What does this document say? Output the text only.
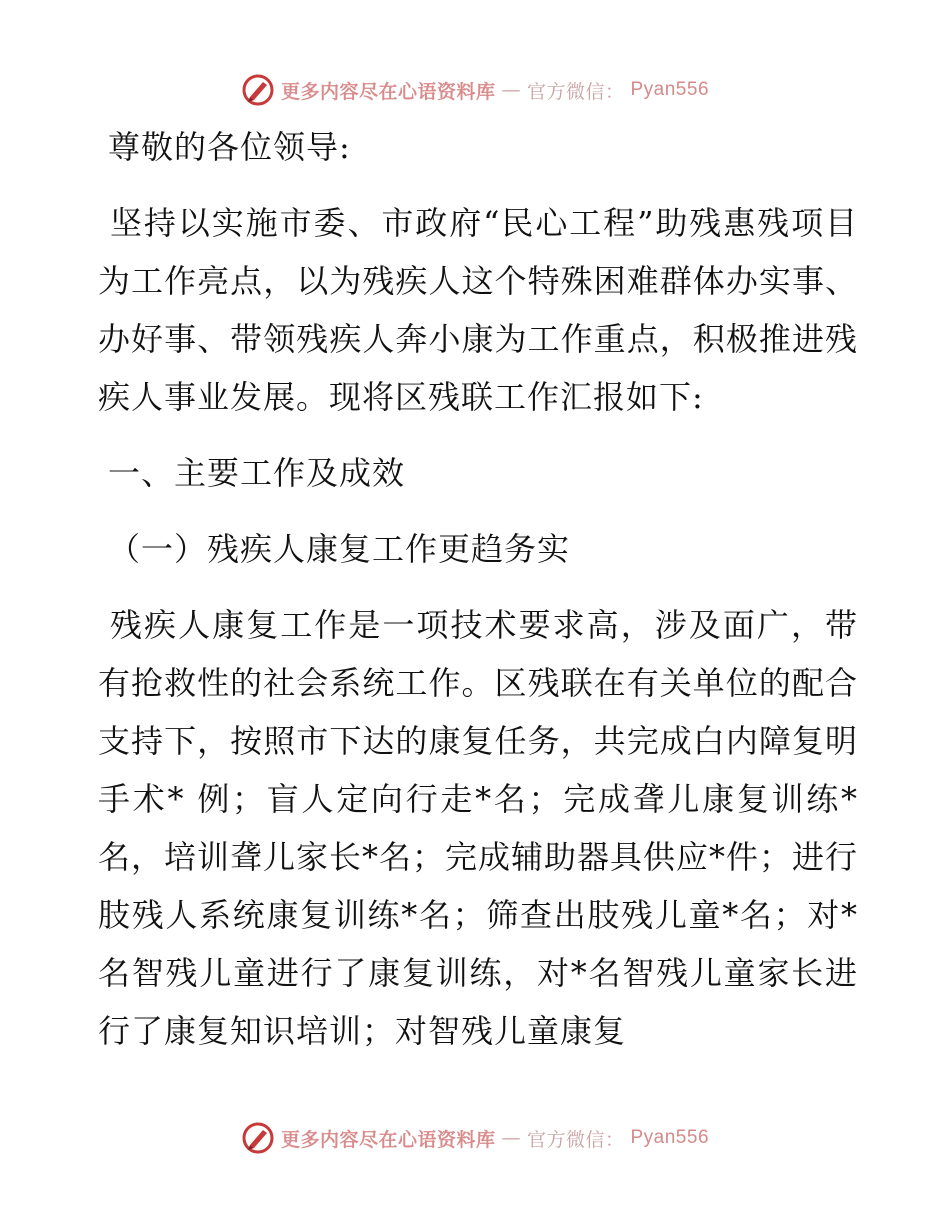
更多内容尽在心语资料库 — 官方微信： Pyan556

尊敬的各位领导:

坚持以实施市委、市政府“民心工程”助残惠残项目为工作亮点，以为残疾人这个特殊困难群体办实事、办好事、带领残疾人奔小康为工作重点，积极推进残疾人事业发展。现将区残联工作汇报如下:

一、主要工作及成效

（一）残疾人康复工作更趋务实

残疾人康复工作是一项技术要求高，涉及面广，带有抢救性的社会系统工作。区残联在有关单位的配合支持下，按照市下达的康复任务，共完成白内障复明手术* 例；盲人定向行走*名；完成聋儿康复训练*名，培训聋儿家长*名；完成辅助器具供应*件；进行肢残人系统康复训练*名；筛查出肢残儿童*名；对*名智残儿童进行了康复训练，对*名智残儿童家长进行了康复知识培训；对智残儿童康复

更多内容尽在心语资料库 — 官方微信： Pyan556
